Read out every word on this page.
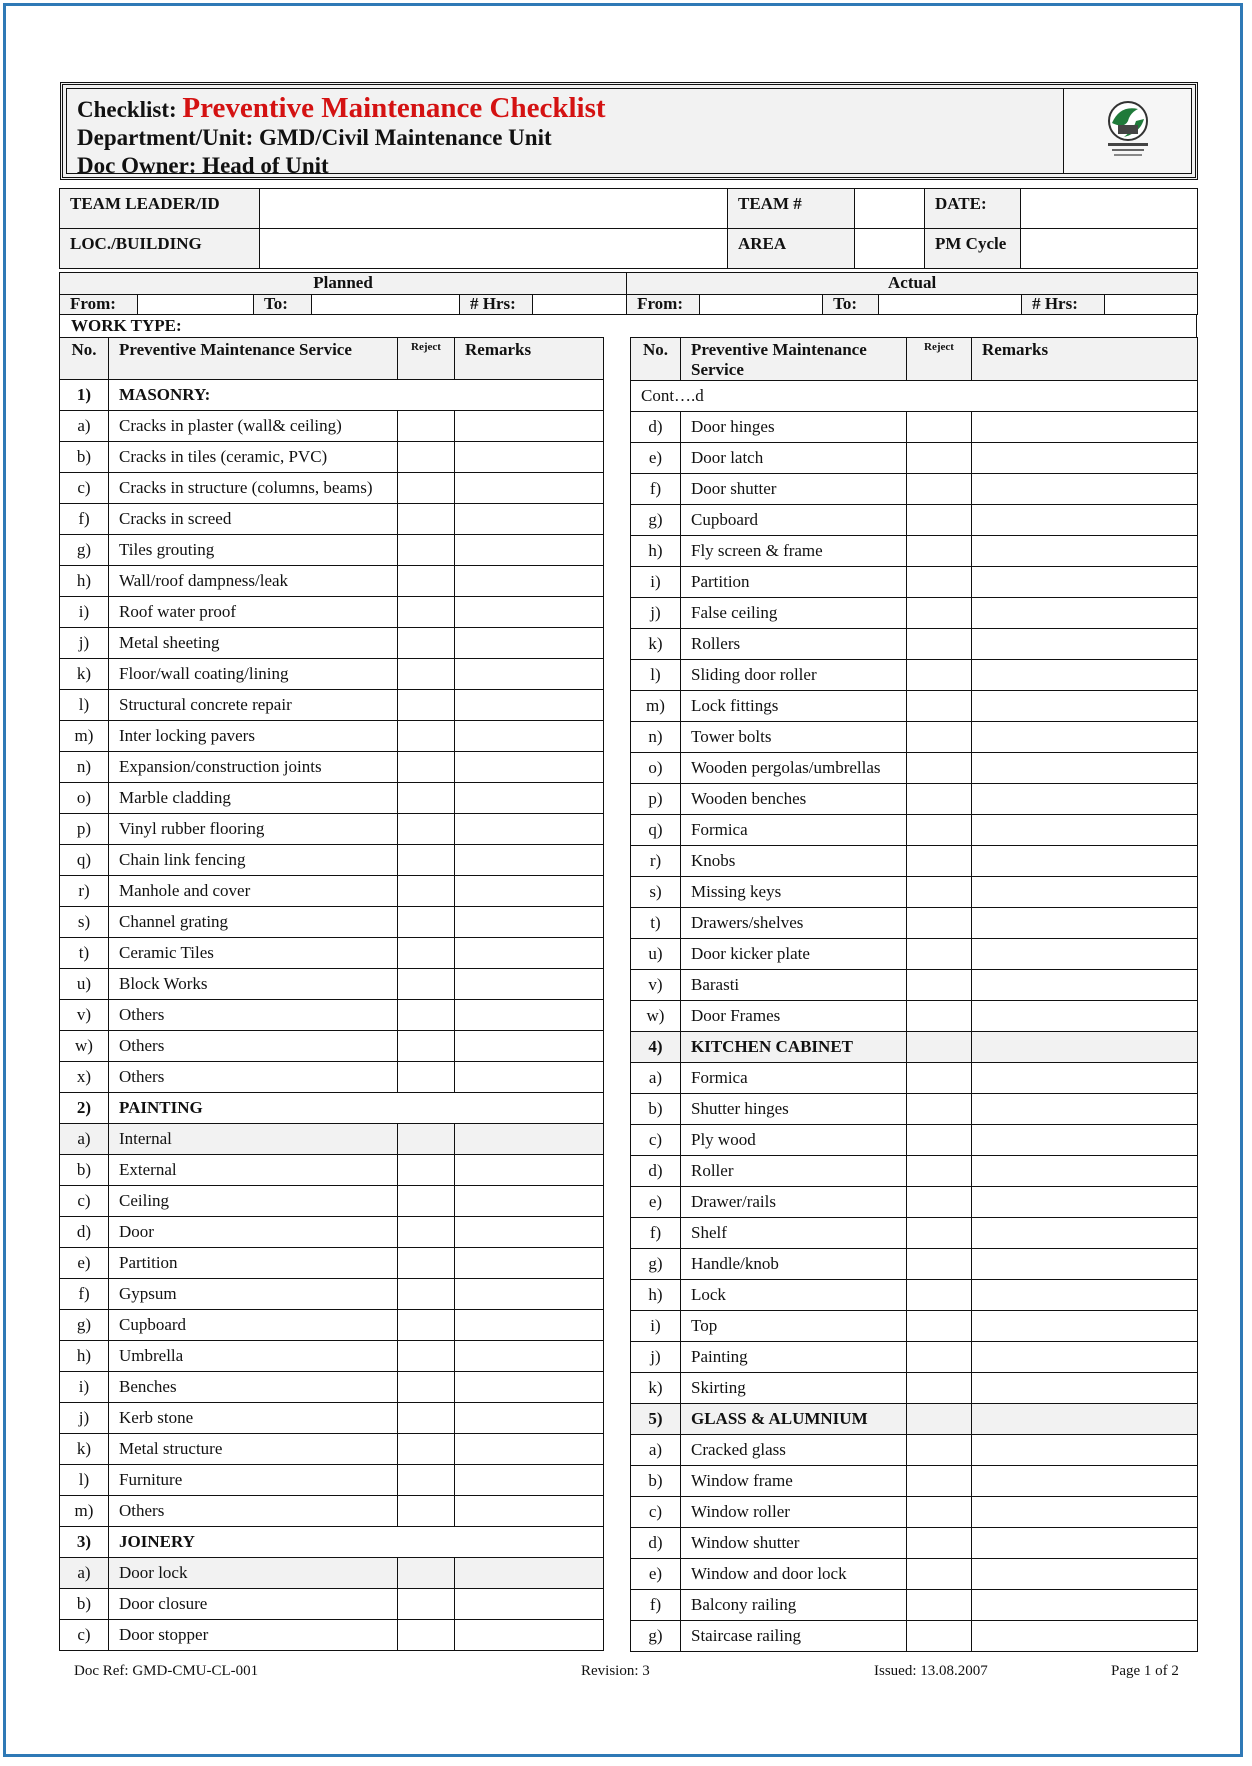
Checklist: Preventive Maintenance Checklist
Department/Unit: GMD/Civil Maintenance Unit
Doc Owner: Head of Unit
TEAM LEADER/ID		TEAM #		DATE:	
LOC./BUILDING		AREA		PM Cycle	
Planned						Actual					
From:		To:		# Hrs:		From:		To:		# Hrs:	
WORK TYPE:
No.	Preventive Maintenance Service	Reject	Remarks
1)	MASONRY:		
a)	Cracks in plaster (wall& ceiling)		
b)	Cracks in tiles (ceramic, PVC)		
c)	Cracks in structure (columns, beams)		
f)	Cracks in screed		
g)	Tiles grouting		
h)	Wall/roof dampness/leak		
i)	Roof water proof		
j)	Metal sheeting		
k)	Floor/wall coating/lining		
l)	Structural concrete repair		
m)	Inter locking pavers		
n)	Expansion/construction joints		
o)	Marble cladding		
p)	Vinyl rubber flooring		
q)	Chain link fencing		
r)	Manhole and cover		
s)	Channel grating		
t)	Ceramic Tiles		
u)	Block Works		
v)	Others		
w)	Others		
x)	Others		
2)	PAINTING		
a)	Internal		
b)	External		
c)	Ceiling		
d)	Door		
e)	Partition		
f)	Gypsum		
g)	Cupboard		
h)	Umbrella		
i)	Benches		
j)	Kerb stone		
k)	Metal structure		
l)	Furniture		
m)	Others		
3)	JOINERY		
a)	Door lock		
b)	Door closure		
c)	Door stopper		
No.	Preventive Maintenance Service	Reject	Remarks
Cont….d			
d)	Door hinges		
e)	Door latch		
f)	Door shutter		
g)	Cupboard		
h)	Fly screen & frame		
i)	Partition		
j)	False ceiling		
k)	Rollers		
l)	Sliding door roller		
m)	Lock fittings		
n)	Tower bolts		
o)	Wooden pergolas/umbrellas		
p)	Wooden benches		
q)	Formica		
r)	Knobs		
s)	Missing keys		
t)	Drawers/shelves		
u)	Door kicker plate		
v)	Barasti		
w)	Door Frames		
4)	KITCHEN CABINET		
a)	Formica		
b)	Shutter hinges		
c)	Ply wood		
d)	Roller		
e)	Drawer/rails		
f)	Shelf		
g)	Handle/knob		
h)	Lock		
i)	Top		
j)	Painting		
k)	Skirting		
5)	GLASS & ALUMNIUM		
a)	Cracked glass		
b)	Window frame		
c)	Window roller		
d)	Window shutter		
e)	Window and door lock		
f)	Balcony railing		
g)	Staircase railing		
Doc Ref: GMD-CMU-CL-001	Revision: 3	Issued: 13.08.2007	Page 1 of 2
